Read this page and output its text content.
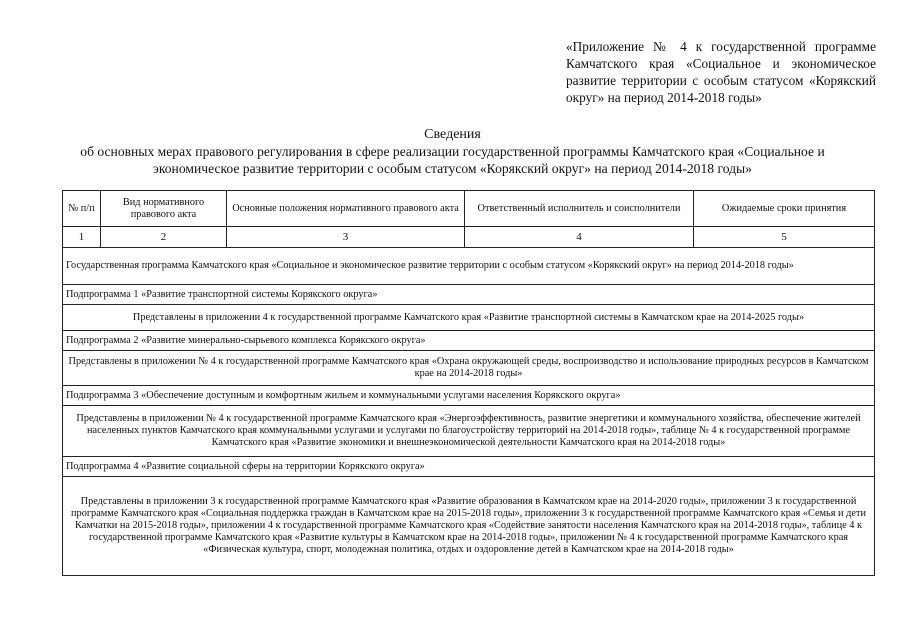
«Приложение № 4 к государственной программе Камчатского края «Социальное и экономическое развитие территории с особым статусом «Корякский округ» на период 2014-2018 годы»
Сведения
об основных мерах правового регулирования в сфере реализации государственной программы Камчатского края «Социальное и экономическое развитие территории с особым статусом «Корякский округ» на период 2014-2018 годы»
№ п/п	Вид нормативного правового акта	Основные положения нормативного правового акта	Ответственный исполнитель и соисполнители	Ожидаемые сроки принятия
1	2	3	4	5
Государственная программа Камчатского края «Социальное и экономическое развитие территории с особым статусом «Корякский округ» на период 2014-2018 годы»				
Подпрограмма 1 «Развитие транспортной системы Корякского округа»				
Представлены в приложении 4 к государственной программе Камчатского края «Развитие транспортной системы в Камчатском крае на 2014-2025 годы»				
Подпрограмма 2 «Развитие минерально-сырьевого комплекса Корякского округа»				
Представлены в приложении № 4 к государственной программе Камчатского края «Охрана окружающей среды, воспроизводство и использование природных ресурсов в Камчатском крае на 2014-2018 годы»				
Подпрограмма 3 «Обеспечение доступным и комфортным жильем и коммунальными услугами населения Корякского округа»				
Представлены в приложении № 4 к государственной программе Камчатского края «Энергоэффективность, развитие энергетики и коммунального хозяйства, обеспечение жителей населенных пунктов Камчатского края коммунальными услугами и услугами по благоустройству территорий на 2014-2018 годы», таблице № 4 к государственной программе Камчатского края «Развитие экономики и внешнеэкономической деятельности Камчатского края на 2014-2018 годы»				
Подпрограмма 4 «Развитие социальной сферы на территории Корякского округа»				
Представлены в приложении 3 к государственной программе Камчатского края «Развитие образования в Камчатском крае на 2014-2020 годы», приложении 3 к государственной программе Камчатского края «Социальная поддержка граждан в Камчатском крае на 2015-2018 годы», приложении 3 к государственной программе Камчатского края «Семья и дети Камчатки на 2015-2018 годы», приложении 4 к государственной программе Камчатского края «Содействие занятости населения Камчатского края на 2014-2018 годы», таблице 4 к государственной программе Камчатского края «Развитие культуры в Камчатском крае на 2014-2018 годы», приложении № 4 к государственной программе Камчатского края «Физическая культура, спорт, молодежная политика, отдых и оздоровление детей в Камчатском крае на 2014-2018 годы»				
